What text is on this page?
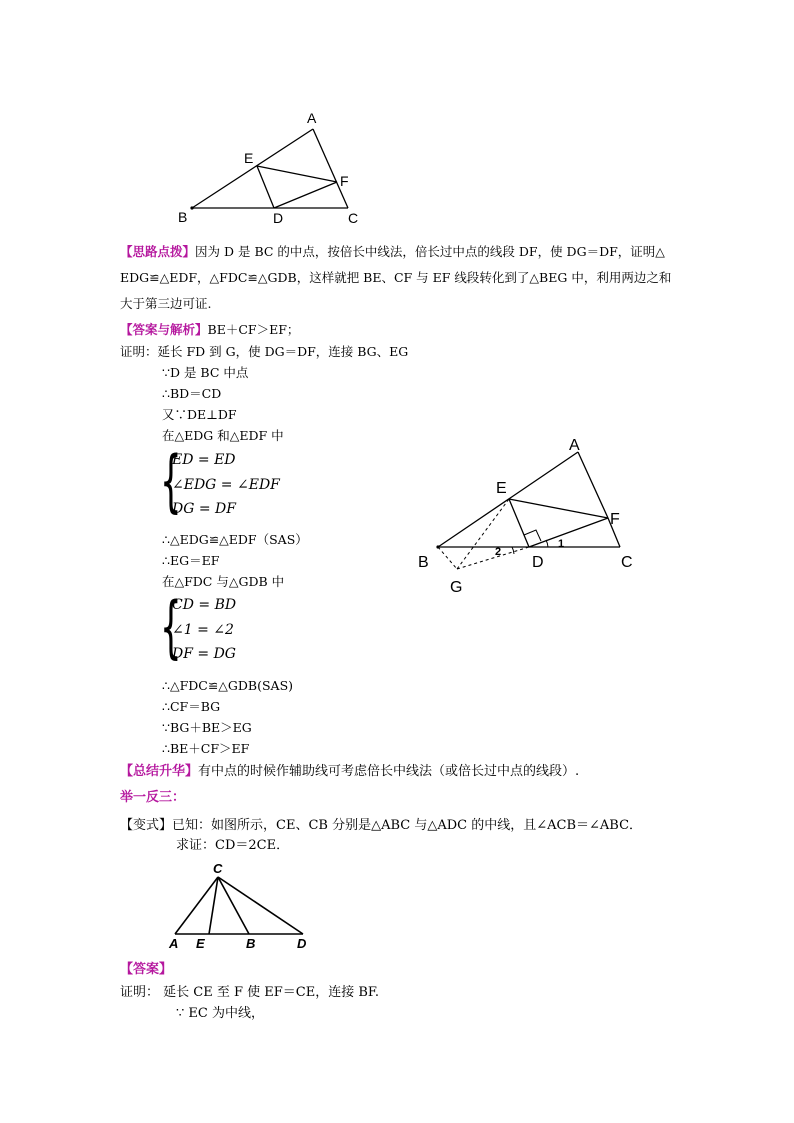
A
E
F
B	D	C
【思路点拨】因为 D 是 BC 的中点，按倍长中线法，倍长过中点的线段 DF，使 DG＝DF，证明△
EDG≌△EDF，△FDC≌△GDB，这样就把 BE、CF 与 EF 线段转化到了△BEG 中，利用两边之和
大于第三边可证.
【答案与解析】BE＋CF＞EF；
证明：延长 FD 到 G，使 DG＝DF，连接 BG、EG
∵D 是 BC 中点
∴BD＝CD
又∵DE⊥DF
在△EDG 和△EDF 中
{
ED = ED
∠EDG = ∠EDF
DG = DF
∴△EDG≌△EDF（SAS）
∴EG＝EF
在△FDC 与△GDB 中
{
CD = BD
∠1 = ∠2
DF = DG
∴△FDC≌△GDB(SAS)
∴CF＝BG
∵BG＋BE＞EG
∴BE＋CF＞EF
A
E
F
B	D	C
G
1
2
【总结升华】有中点的时候作辅助线可考虑倍长中线法（或倍长过中点的线段）.
举一反三：
【变式】已知：如图所示，CE、CB 分别是△ABC 与△ADC 的中线，且∠ACB＝∠ABC．
求证：CD＝2CE．
C
A E	B	D
【答案】
证明： 延长 CE 至 F 使 EF＝CE，连接 BF.
∵ EC 为中线，
